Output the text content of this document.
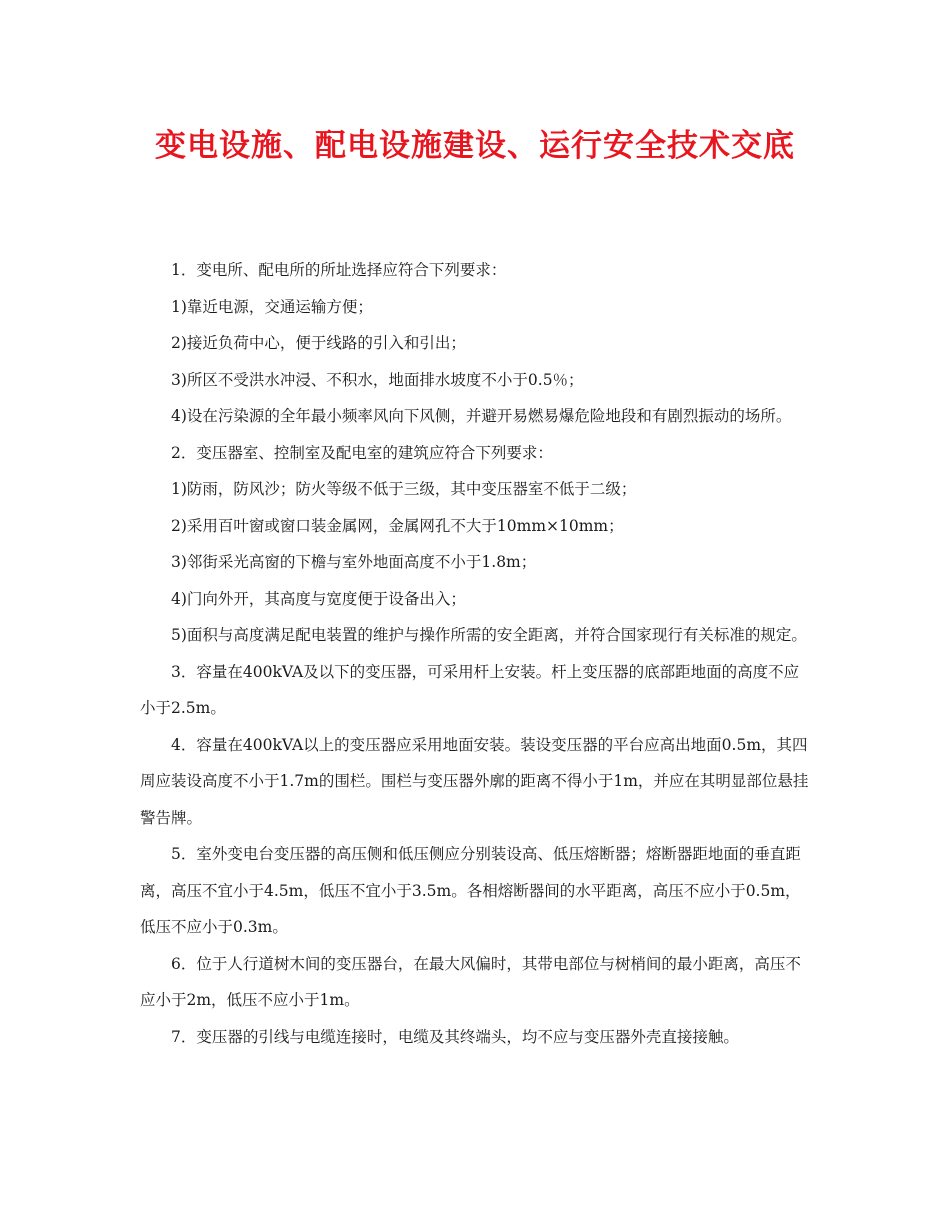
变电设施、配电设施建设、运行安全技术交底

1．变电所、配电所的所址选择应符合下列要求：

1)靠近电源，交通运输方便；

2)接近负荷中心，便于线路的引入和引出；

3)所区不受洪水冲浸、不积水，地面排水坡度不小于0.5％；

4)设在污染源的全年最小频率风向下风侧，并避开易燃易爆危险地段和有剧烈振动的场所。

2．变压器室、控制室及配电室的建筑应符合下列要求：

1)防雨，防风沙；防火等级不低于三级，其中变压器室不低于二级；

2)采用百叶窗或窗口装金属网，金属网孔不大于10mm×10mm；

3)邻街采光高窗的下檐与室外地面高度不小于1.8m；

4)门向外开，其高度与宽度便于设备出入；

5)面积与高度满足配电装置的维护与操作所需的安全距离，并符合国家现行有关标准的规定。

3．容量在400kVA及以下的变压器，可采用杆上安装。杆上变压器的底部距地面的高度不应小于2.5m。

4．容量在400kVA以上的变压器应采用地面安装。装设变压器的平台应高出地面0.5m，其四周应装设高度不小于1.7m的围栏。围栏与变压器外廓的距离不得小于1m，并应在其明显部位悬挂警告牌。

5．室外变电台变压器的高压侧和低压侧应分别装设高、低压熔断器；熔断器距地面的垂直距离，高压不宜小于4.5m，低压不宜小于3.5m。各相熔断器间的水平距离，高压不应小于0.5m，低压不应小于0.3m。

6．位于人行道树木间的变压器台，在最大风偏时，其带电部位与树梢间的最小距离，高压不应小于2m，低压不应小于1m。

7．变压器的引线与电缆连接时，电缆及其终端头，均不应与变压器外壳直接接触。
